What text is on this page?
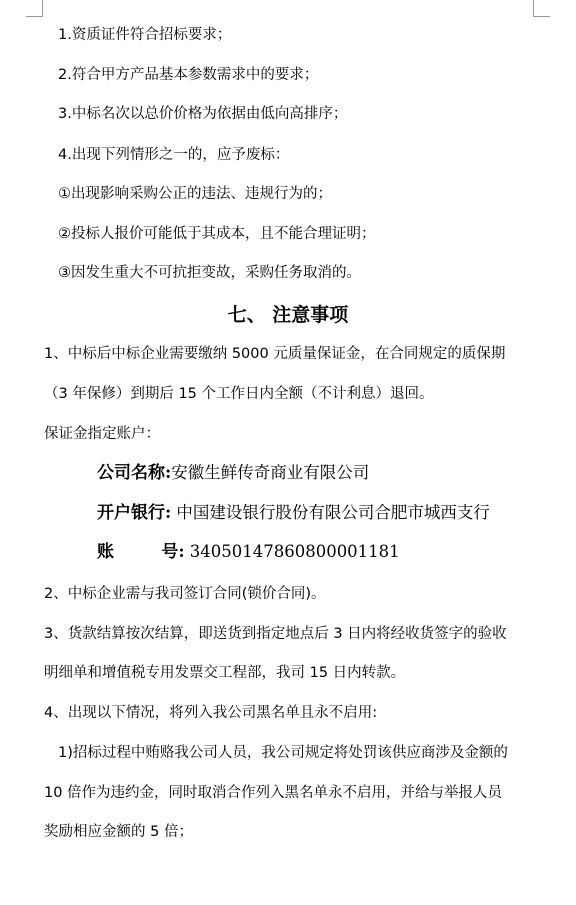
1.资质证件符合招标要求；
2.符合甲方产品基本参数需求中的要求；
3.中标名次以总价价格为依据由低向高排序；
4.出现下列情形之一的，应予废标：
①出现影响采购公正的违法、违规行为的；
②投标人报价可能低于其成本，且不能合理证明；
③因发生重大不可抗拒变故，采购任务取消的。
七、 注意事项
1、中标后中标企业需要缴纳 5000 元质量保证金，在合同规定的质保期
（3 年保修）到期后 15 个工作日内全额（不计利息）退回。
保证金指定账户：
公司名称:安徽生鲜传奇商业有限公司
开户银行: 中国建设银行股份有限公司合肥市城西支行
账        号: 34050147860800001181
2、中标企业需与我司签订合同(锁价合同)。
3、货款结算按次结算，即送货到指定地点后 3 日内将经收货签字的验收
明细单和增值税专用发票交工程部，我司 15 日内转款。
4、出现以下情况，将列入我公司黑名单且永不启用:
1)招标过程中贿赂我公司人员，我公司规定将处罚该供应商涉及金额的
10 倍作为违约金，同时取消合作列入黑名单永不启用，并给与举报人员
奖励相应金额的 5 倍；
